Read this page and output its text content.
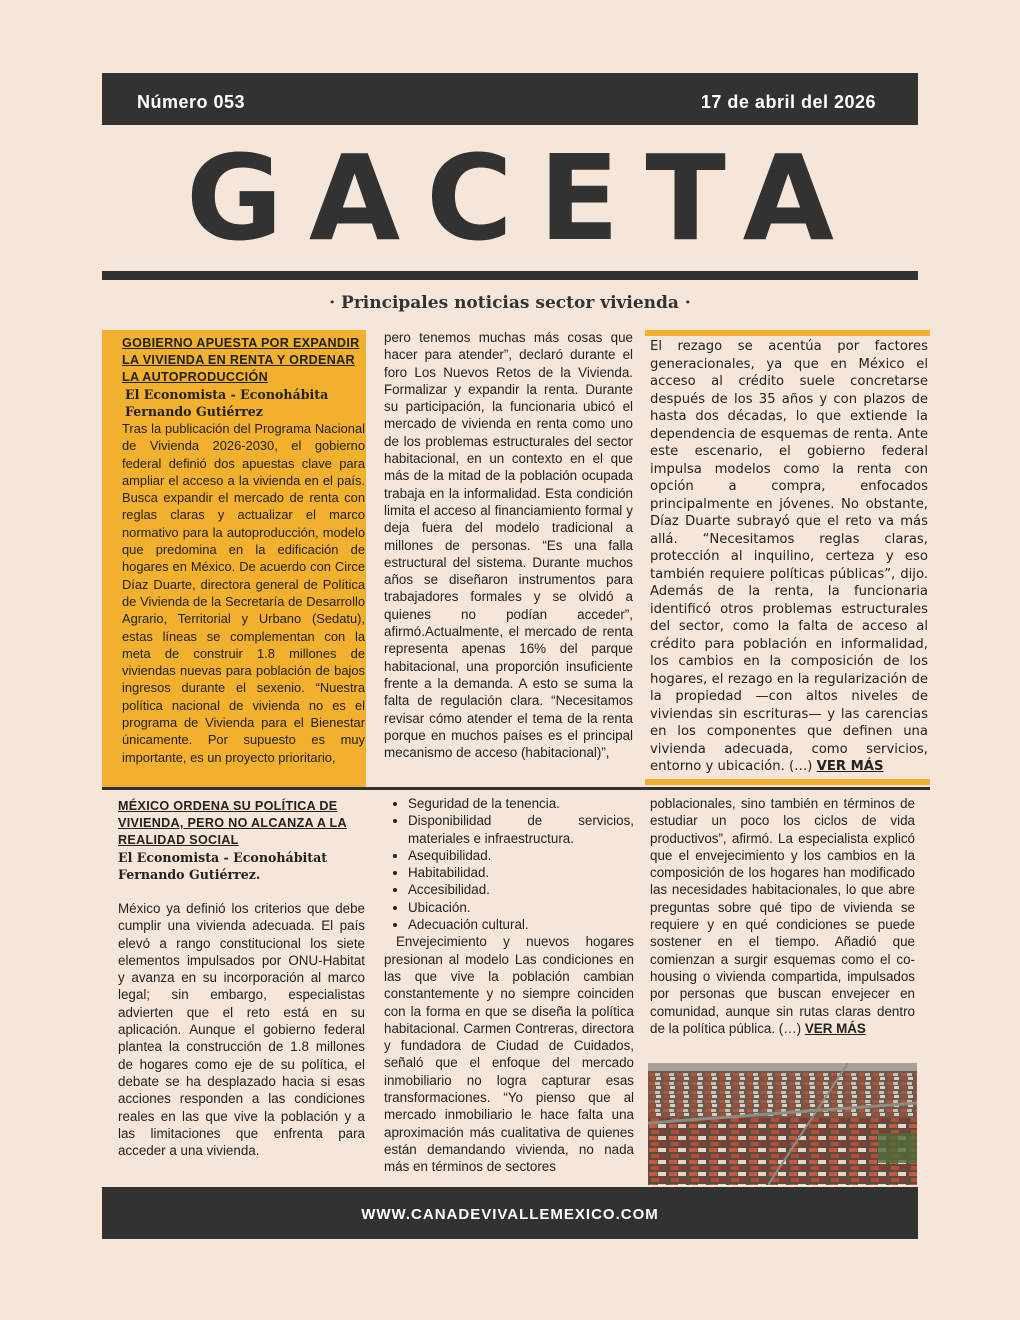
Número 053	17 de abril del 2026
GACETA
· Principales noticias sector vivienda ·
GOBIERNO APUESTA POR EXPANDIR LA VIVIENDA EN RENTA Y ORDENAR LA AUTOPRODUCCIÓN
El Economista - Econohábita
Fernando Gutiérrez

Tras la publicación del Programa Nacional de Vivienda 2026-2030, el gobierno federal definió dos apuestas clave para ampliar el acceso a la vivienda en el país. Busca expandir el mercado de renta con reglas claras y actualizar el marco normativo para la autoproducción, modelo que predomina en la edificación de hogares en México. De acuerdo con Circe Díaz Duarte, directora general de Política de Vivienda de la Secretaría de Desarrollo Agrario, Territorial y Urbano (Sedatu), estas líneas se complementan con la meta de construir 1.8 millones de viviendas nuevas para población de bajos ingresos durante el sexenio. “Nuestra política nacional de vivienda no es el programa de Vivienda para el Bienestar únicamente. Por supuesto es muy importante, es un proyecto prioritario,

pero tenemos muchas más cosas que hacer para atender”, declaró durante el foro Los Nuevos Retos de la Vivienda. Formalizar y expandir la renta. Durante su participación, la funcionaria ubicó el mercado de vivienda en renta como uno de los problemas estructurales del sector habitacional, en un contexto en el que más de la mitad de la población ocupada trabaja en la informalidad. Esta condición limita el acceso al financiamiento formal y deja fuera del modelo tradicional a millones de personas. “Es una falla estructural del sistema. Durante muchos años se diseñaron instrumentos para trabajadores formales y se olvidó a quienes no podían acceder”, afirmó.Actualmente, el mercado de renta representa apenas 16% del parque habitacional, una proporción insuficiente frente a la demanda. A esto se suma la falta de regulación clara. “Necesitamos revisar cómo atender el tema de la renta porque en muchos países es el principal mecanismo de acceso (habitacional)”,

El rezago se acentúa por factores generacionales, ya que en México el acceso al crédito suele concretarse después de los 35 años y con plazos de hasta dos décadas, lo que extiende la dependencia de esquemas de renta. Ante este escenario, el gobierno federal impulsa modelos como la renta con opción a compra, enfocados principalmente en jóvenes. No obstante, Díaz Duarte subrayó que el reto va más allá. “Necesitamos reglas claras, protección al inquilino, certeza y eso también requiere políticas públicas”, dijo. Además de la renta, la funcionaria identificó otros problemas estructurales del sector, como la falta de acceso al crédito para población en informalidad, los cambios en la composición de los hogares, el rezago en la regularización de la propiedad —con altos niveles de viviendas sin escrituras— y las carencias en los componentes que definen una vivienda adecuada, como servicios, entorno y ubicación. (…) VER MÁS
MÉXICO ORDENA SU POLÍTICA DE VIVIENDA, PERO NO ALCANZA A LA REALIDAD SOCIAL
El Economista - Econohábitat
Fernando Gutiérrez.

México ya definió los criterios que debe cumplir una vivienda adecuada. El país elevó a rango constitucional los siete elementos impulsados por ONU-Habitat y avanza en su incorporación al marco legal; sin embargo, especialistas advierten que el reto está en su aplicación. Aunque el gobierno federal plantea la construcción de 1.8 millones de hogares como eje de su política, el debate se ha desplazado hacia si esas acciones responden a las condiciones reales en las que vive la población y a las limitaciones que enfrenta para acceder a una vivienda.

• Seguridad de la tenencia.
• Disponibilidad de servicios, materiales e infraestructura.
• Asequibilidad.
• Habitabilidad.
• Accesibilidad.
• Ubicación.
• Adecuación cultural.

Envejecimiento y nuevos hogares presionan al modelo Las condiciones en las que vive la población cambian constantemente y no siempre coinciden con la forma en que se diseña la política habitacional. Carmen Contreras, directora y fundadora de Ciudad de Cuidados, señaló que el enfoque del mercado inmobiliario no logra capturar esas transformaciones. “Yo pienso que al mercado inmobiliario le hace falta una aproximación más cualitativa de quienes están demandando vivienda, no nada más en términos de sectores

poblacionales, sino también en términos de estudiar un poco los ciclos de vida productivos”, afirmó. La especialista explicó que el envejecimiento y los cambios en la composición de los hogares han modificado las necesidades habitacionales, lo que abre preguntas sobre qué tipo de vivienda se requiere y en qué condiciones se puede sostener en el tiempo. Añadió que comienzan a surgir esquemas como el co-housing o vivienda compartida, impulsados por personas que buscan envejecer en comunidad, aunque sin rutas claras dentro de la política pública. (…) VER MÁS
WWW.CANADEVIVALLEMEXICO.COM
